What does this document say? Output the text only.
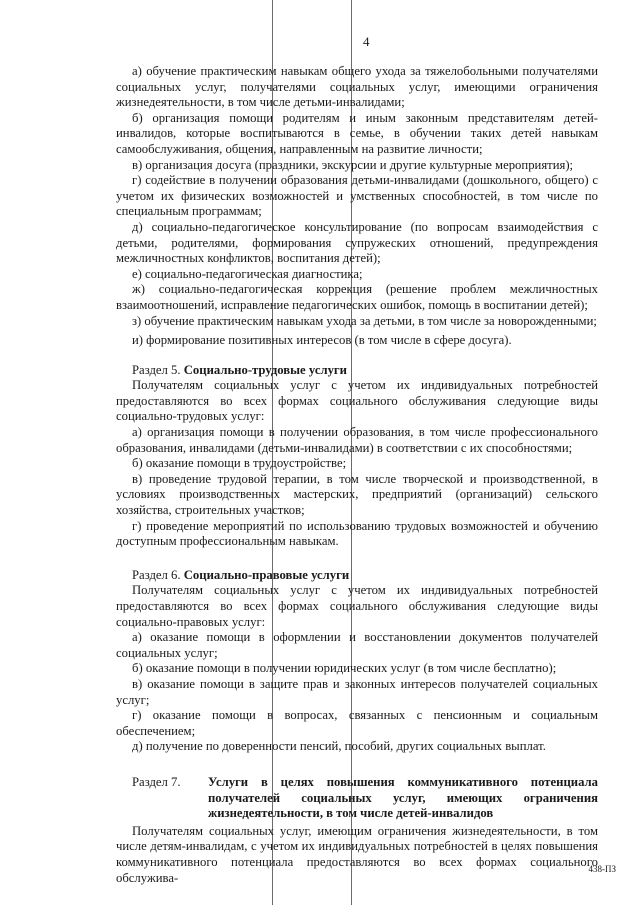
4

а) обучение практическим навыкам общего ухода за тяжелобольными получателями социальных услуг, получателями социальных услуг, имеющими ограничения жизнедеятельности, в том числе детьми-инвалидами;

б) организация помощи родителям и иным законным представителям детей-инвалидов, которые воспитываются в семье, в обучении таких детей навыкам самообслуживания, общения, направленным на развитие личности;

в) организация досуга (праздники, экскурсии и другие культурные мероприятия);

г) содействие в получении образования детьми-инвалидами (дошкольного, общего) с учетом их физических возможностей и умственных способностей, в том числе по специальным программам;

д) социально-педагогическое консультирование (по вопросам взаимодействия с детьми, родителями, формирования супружеских отношений, предупреждения межличностных конфликтов, воспитания детей);

е) социально-педагогическая диагностика;

ж) социально-педагогическая коррекция (решение проблем межличностных взаимоотношений, исправление педагогических ошибок, помощь в воспитании детей);

з) обучение практическим навыкам ухода за детьми, в том числе за новорожденными;

и) формирование позитивных интересов (в том числе в сфере досуга).

Раздел 5. Социально-трудовые услуги

Получателям социальных услуг с учетом их индивидуальных потребностей предоставляются во всех формах социального обслуживания следующие виды социально-трудовых услуг:

а) организация помощи в получении образования, в том числе профессионального образования, инвалидами (детьми-инвалидами) в соответствии с их способностями;

б) оказание помощи в трудоустройстве;

в) проведение трудовой терапии, в том числе творческой и производственной, в условиях производственных мастерских, предприятий (организаций) сельского хозяйства, строительных участков;

г) проведение мероприятий по использованию трудовых возможностей и обучению доступным профессиональным навыкам.

Раздел 6. Социально-правовые услуги

Получателям социальных услуг с учетом их индивидуальных потребностей предоставляются во всех формах социального обслуживания следующие виды социально-правовых услуг:

а) оказание помощи в оформлении и восстановлении документов получателей социальных услуг;

б) оказание помощи в получении юридических услуг (в том числе бесплатно);

в) оказание помощи в защите прав и законных интересов получателей социальных услуг;

г) оказание помощи в вопросах, связанных с пенсионным и социальным обеспечением;

д) получение по доверенности пенсий, пособий, других социальных выплат.

Раздел 7.	Услуги в целях повышения коммуникативного потенциала получателей социальных услуг, имеющих ограничения жизнедеятельности, в том числе детей-инвалидов

Получателям социальных услуг, имеющим ограничения жизнедеятельности, в том числе детям-инвалидам, с учетом их индивидуальных потребностей в целях повышения коммуникативного потенциала предоставляются во всех формах социального обслужива-

438-ПЗ
